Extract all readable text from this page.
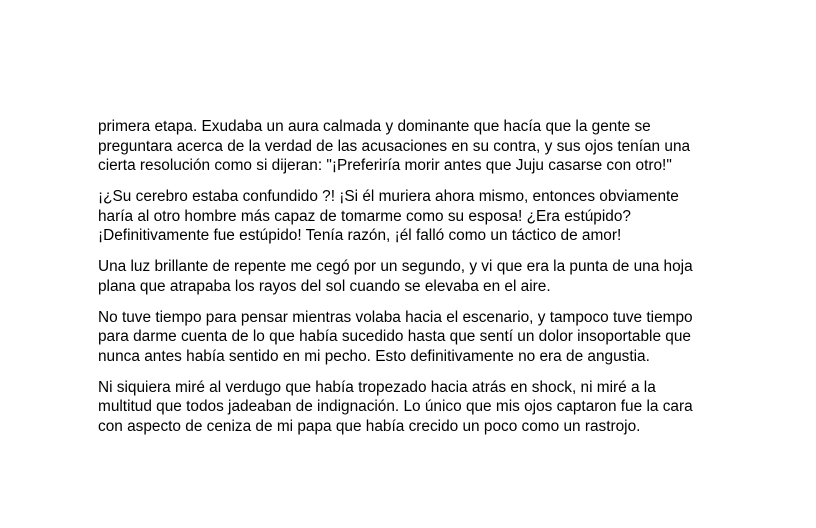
primera etapa. Exudaba un aura calmada y dominante que hacía que la gente se
preguntara acerca de la verdad de las acusaciones en su contra, y sus ojos tenían una
cierta resolución como si dijeran: "¡Preferiría morir antes que Juju casarse con otro!"

¡¿Su cerebro estaba confundido ?! ¡Si él muriera ahora mismo, entonces obviamente
haría al otro hombre más capaz de tomarme como su esposa! ¿Era estúpido?
¡Definitivamente fue estúpido! Tenía razón, ¡él falló como un táctico de amor!

Una luz brillante de repente me cegó por un segundo, y vi que era la punta de una hoja
plana que atrapaba los rayos del sol cuando se elevaba en el aire.

No tuve tiempo para pensar mientras volaba hacia el escenario, y tampoco tuve tiempo
para darme cuenta de lo que había sucedido hasta que sentí un dolor insoportable que
nunca antes había sentido en mi pecho. Esto definitivamente no era de angustia.

Ni siquiera miré al verdugo que había tropezado hacia atrás en shock, ni miré a la
multitud que todos jadeaban de indignación. Lo único que mis ojos captaron fue la cara
con aspecto de ceniza de mi papa que había crecido un poco como un rastrojo.
